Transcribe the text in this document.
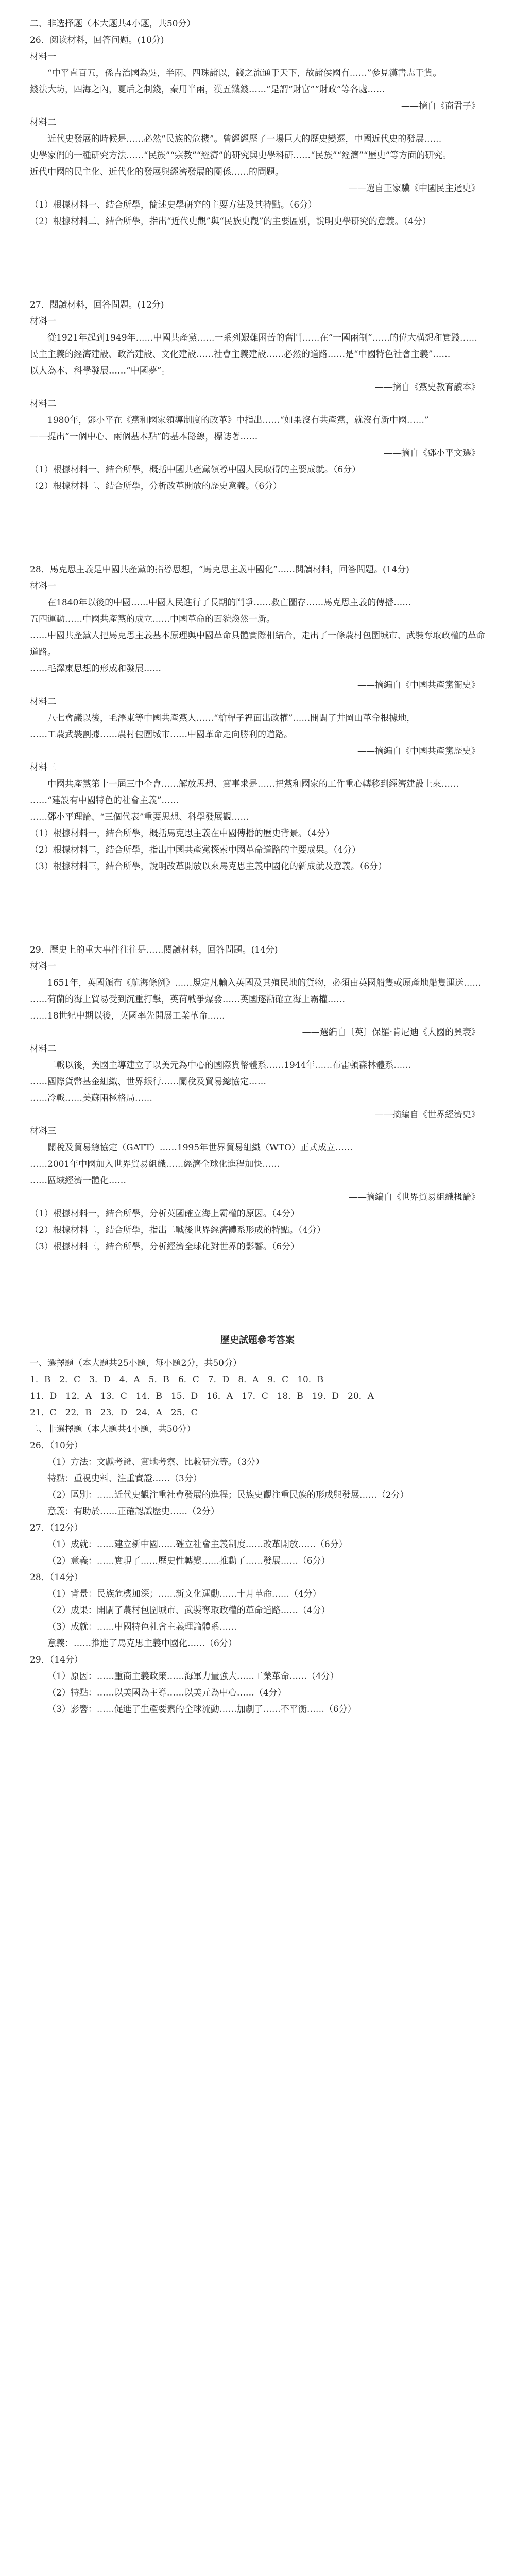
二、非选择题（本大题共4小题，共50分）

26．阅读材料，回答问题。(10分)

材料一

“中平直百五，孫吉治國為吳，半兩、四珠諸以，錢之流通于天下，故諸侯國有……”參見漢書志于貨。

錢法大坊，四海之內，夏后之制錢，秦用半兩，漢五鐵錢……”是謂“財富”“財政”等各處……

——摘自《商君子》

材料二

近代史發展的時候是……必然“民族的危機”。曾經經歷了一場巨大的歷史變遷，中國近代史的發展……

史學家們的一種研究方法……“民族”“宗教”“經濟”的研究與史學科研……“民族”“經濟”“歷史”等方面的研究。

近代中國的民主化、近代化的發展與經濟發展的關係……的問題。

——選自王家驥《中國民主通史》

（1）根據材料一、結合所學，簡述史學研究的主要方法及其特點。（6分）

（2）根據材料二、結合所學，指出“近代史觀”與“民族史觀”的主要區別，說明史學研究的意義。（4分）

27．閱讀材料，回答問題。(12分)

材料一

從1921年起到1949年……中國共產黨……一系列艱難困苦的奮鬥……在“一國兩制”……的偉大構想和實踐……

民主主義的經濟建設、政治建設、文化建設……社會主義建設……必然的道路……是“中國特色社會主義”……

以人為本、科學發展……“中國夢”。

——摘自《黨史教育讀本》

材料二

1980年，鄧小平在《黨和國家領導制度的改革》中指出……“如果沒有共產黨，就沒有新中國……”

——提出“一個中心、兩個基本點”的基本路線，標誌著……

——摘自《鄧小平文選》

（1）根據材料一、結合所學，概括中國共產黨領導中國人民取得的主要成就。（6分）

（2）根據材料二、結合所學，分析改革開放的歷史意義。（6分）

28．馬克思主義是中國共產黨的指導思想，“馬克思主義中國化”……閱讀材料，回答問題。(14分)

材料一

在1840年以後的中國……中國人民進行了長期的鬥爭……救亡圖存……馬克思主義的傳播……

五四運動……中國共產黨的成立……中國革命的面貌煥然一新。

……中國共產黨人把馬克思主義基本原理與中國革命具體實際相結合，走出了一條農村包圍城市、武裝奪取政權的革命道路。

……毛澤東思想的形成和發展……

——摘編自《中國共產黨簡史》

材料二

八七會議以後，毛澤東等中國共產黨人……“槍桿子裡面出政權”……開闢了井岡山革命根據地，

……工農武裝割據……農村包圍城市……中國革命走向勝利的道路。

——摘編自《中國共產黨歷史》

材料三

中國共產黨第十一屆三中全會……解放思想、實事求是……把黨和國家的工作重心轉移到經濟建設上來……

……“建設有中國特色的社會主義”……

……鄧小平理論、“三個代表”重要思想、科學發展觀……

（1）根據材料一，結合所學，概括馬克思主義在中國傳播的歷史背景。（4分）

（2）根據材料二，結合所學，指出中國共產黨探索中國革命道路的主要成果。（4分）

（3）根據材料三，結合所學，說明改革開放以來馬克思主義中國化的新成就及意義。（6分）

29．歷史上的重大事件往往是……閱讀材料，回答問題。(14分)

材料一

1651年，英國頒布《航海條例》……規定凡輸入英國及其殖民地的貨物，必須由英國船隻或原產地船隻運送……

……荷蘭的海上貿易受到沉重打擊，英荷戰爭爆發……英國逐漸確立海上霸權……

……18世紀中期以後，英國率先開展工業革命……

——選編自〔英〕保羅·肯尼迪《大國的興衰》

材料二

二戰以後，美國主導建立了以美元為中心的國際貨幣體系……1944年……布雷頓森林體系……

……國際貨幣基金組織、世界銀行……關稅及貿易總協定……

……冷戰……美蘇兩極格局……

——摘編自《世界經濟史》

材料三

關稅及貿易總協定（GATT）……1995年世界貿易組織（WTO）正式成立……

……2001年中國加入世界貿易組織……經濟全球化進程加快……

……區域經濟一體化……

——摘編自《世界貿易組織概論》

（1）根據材料一，結合所學，分析英國確立海上霸權的原因。（4分）

（2）根據材料二，結合所學，指出二戰後世界經濟體系形成的特點。（4分）

（3）根據材料三，結合所學，分析經濟全球化對世界的影響。（6分）

歷史試題參考答案

一、選擇題（本大題共25小題，每小題2分，共50分）

1．B　2．C　3．D　4．A　5．B　6．C　7．D　8．A　9．C　10．B

11．D　12．A　13．C　14．B　15．D　16．A　17．C　18．B　19．D　20．A

21．C　22．B　23．D　24．A　25．C

二、非選擇題（本大題共4小題，共50分）

26．（10分）

（1）方法：文獻考證、實地考察、比較研究等。（3分）

特點：重視史料、注重實證……（3分）

（2）區別：……近代史觀注重社會發展的進程；民族史觀注重民族的形成與發展……（2分）

意義：有助於……正確認識歷史……（2分）

27．（12分）

（1）成就：……建立新中國……確立社會主義制度……改革開放……（6分）

（2）意義：……實現了……歷史性轉變……推動了……發展……（6分）

28．（14分）

（1）背景：民族危機加深；……新文化運動……十月革命……（4分）

（2）成果：開闢了農村包圍城市、武裝奪取政權的革命道路……（4分）

（3）成就：……中國特色社會主義理論體系……

意義：……推進了馬克思主義中國化……（6分）

29．（14分）

（1）原因：……重商主義政策……海軍力量強大……工業革命……（4分）

（2）特點：……以美國為主導……以美元為中心……（4分）

（3）影響：……促進了生產要素的全球流動……加劇了……不平衡……（6分）
